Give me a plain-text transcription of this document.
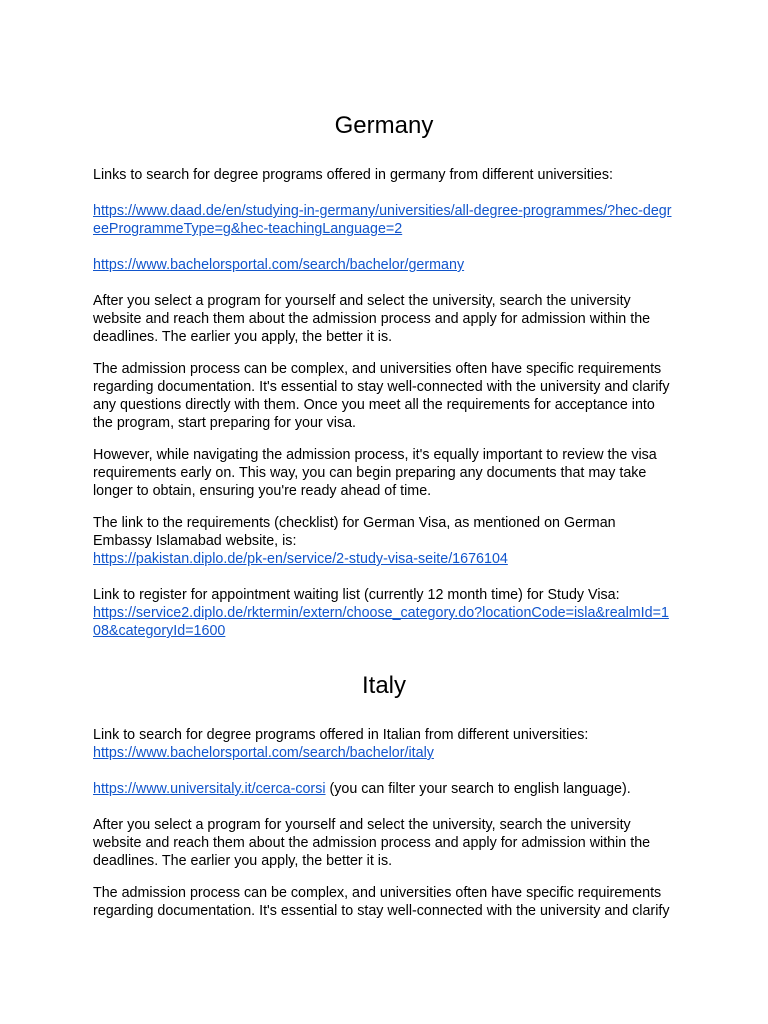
Germany

Links to search for degree programs offered in germany from different universities:

https://www.daad.de/en/studying-in-germany/universities/all-degree-programmes/?hec-degreeProgrammeType=g&hec-teachingLanguage=2

https://www.bachelorsportal.com/search/bachelor/germany

After you select a program for yourself and select the university, search the university website and reach them about the admission process and apply for admission within the deadlines. The earlier you apply, the better it is.

The admission process can be complex, and universities often have specific requirements regarding documentation. It's essential to stay well-connected with the university and clarify any questions directly with them. Once you meet all the requirements for acceptance into the program, start preparing for your visa.

However, while navigating the admission process, it's equally important to review the visa requirements early on. This way, you can begin preparing any documents that may take longer to obtain, ensuring you're ready ahead of time.

The link to the requirements (checklist) for German Visa, as mentioned on German Embassy Islamabad website, is:
https://pakistan.diplo.de/pk-en/service/2-study-visa-seite/1676104

Link to register for appointment waiting list (currently 12 month time) for Study Visa:
https://service2.diplo.de/rktermin/extern/choose_category.do?locationCode=isla&realmId=108&categoryId=1600

Italy

Link to search for degree programs offered in Italian from different universities:
https://www.bachelorsportal.com/search/bachelor/italy

https://www.universitaly.it/cerca-corsi (you can filter your search to english language).

After you select a program for yourself and select the university, search the university website and reach them about the admission process and apply for admission within the deadlines. The earlier you apply, the better it is.

The admission process can be complex, and universities often have specific requirements regarding documentation. It's essential to stay well-connected with the university and clarify
